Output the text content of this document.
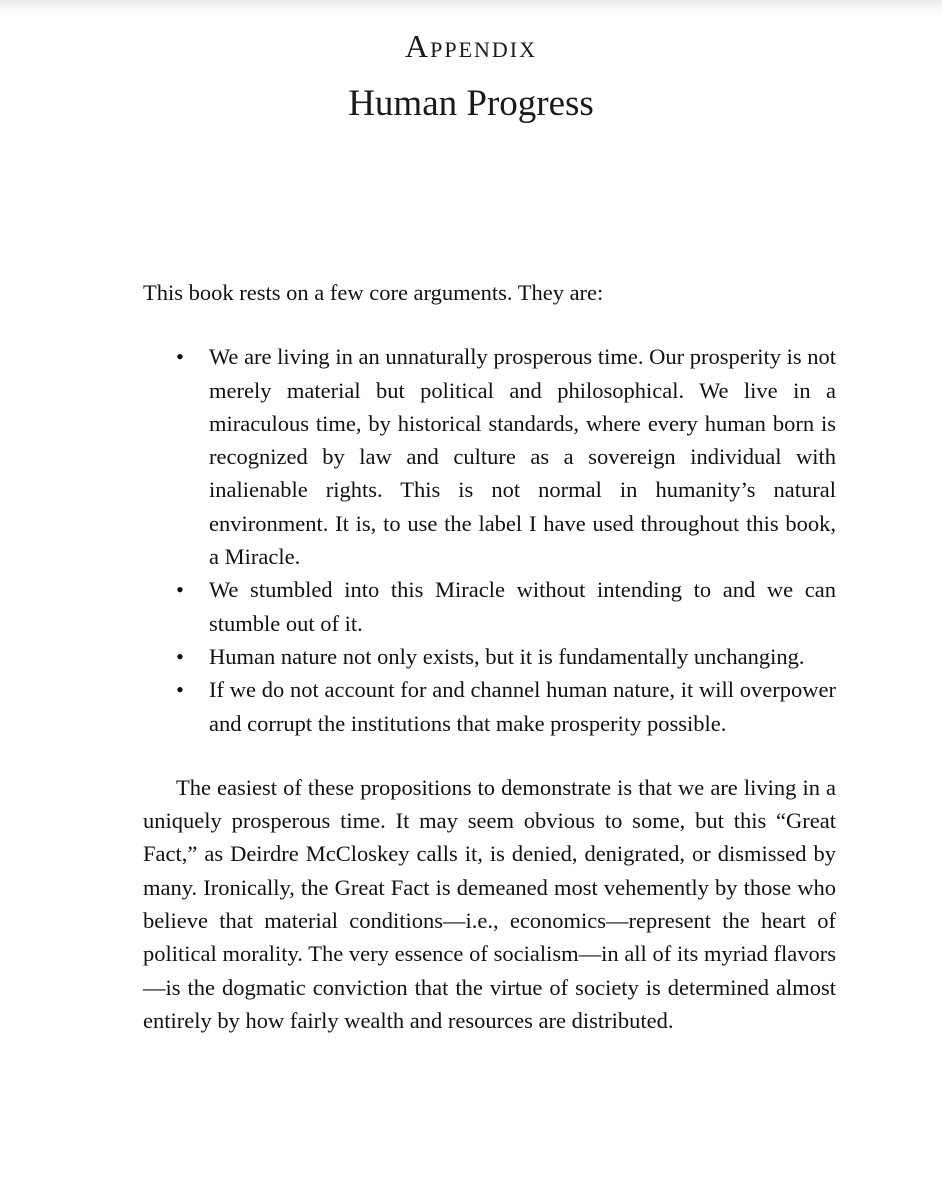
Appendix
Human Progress

This book rests on a few core arguments. They are:

• We are living in an unnaturally prosperous time. Our prosperity is not merely material but political and philosophical. We live in a miraculous time, by historical standards, where every human born is recognized by law and culture as a sovereign individual with inalienable rights. This is not normal in humanity’s natural environment. It is, to use the label I have used throughout this book, a Miracle.
• We stumbled into this Miracle without intending to and we can stumble out of it.
• Human nature not only exists, but it is fundamentally unchanging.
• If we do not account for and channel human nature, it will overpower and corrupt the institutions that make prosperity possible.

The easiest of these propositions to demonstrate is that we are living in a uniquely prosperous time. It may seem obvious to some, but this “Great Fact,” as Deirdre McCloskey calls it, is denied, denigrated, or dismissed by many. Ironically, the Great Fact is demeaned most vehemently by those who believe that material conditions—i.e., economics—represent the heart of political morality. The very essence of socialism—in all of its myriad flavors—is the dogmatic conviction that the virtue of society is determined almost entirely by how fairly wealth and resources are distributed.
